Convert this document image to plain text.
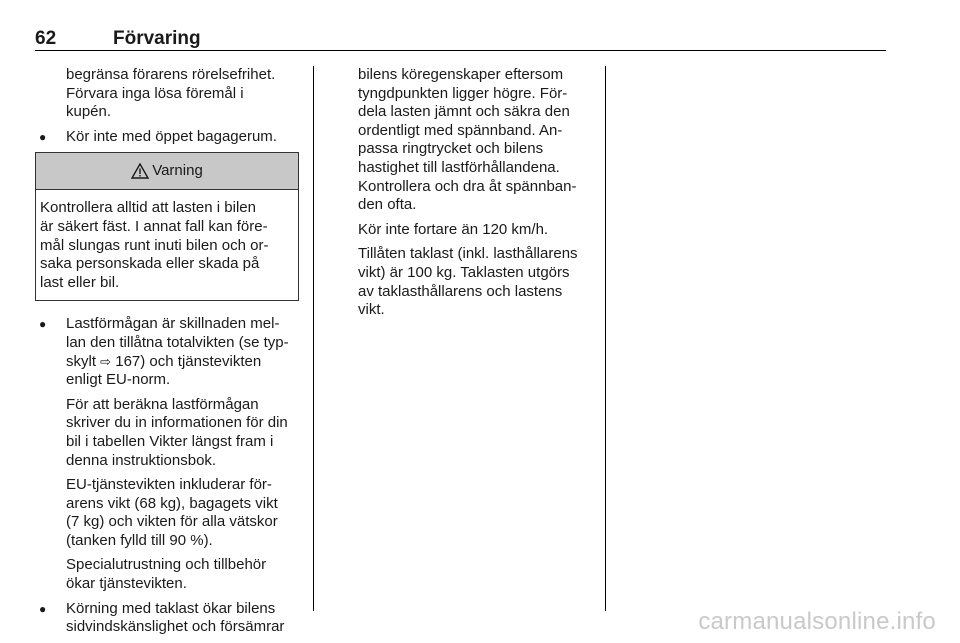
62	Förvaring
begränsa förarens rörelsefrihet.
Förvara inga lösa föremål i
kupén.
● Kör inte med öppet bagagerum.
Varning
Kontrollera alltid att lasten i bilen
är säkert fäst. I annat fall kan före-
mål slungas runt inuti bilen och or-
saka personskada eller skada på
last eller bil.
● Lastförmågan är skillnaden mel-
lan den tillåtna totalvikten (se typ-
skylt ⇨ 167) och tjänstevikten
enligt EU-norm.
För att beräkna lastförmågan
skriver du in informationen för din
bil i tabellen Vikter längst fram i
denna instruktionsbok.
EU-tjänstevikten inkluderar för-
arens vikt (68 kg), bagagets vikt
(7 kg) och vikten för alla vätskor
(tanken fylld till 90 %).
Specialutrustning och tillbehör
ökar tjänstevikten.
● Körning med taklast ökar bilens
sidvindskänslighet och försämrar
bilens köregenskaper eftersom
tyngdpunkten ligger högre. För-
dela lasten jämnt och säkra den
ordentligt med spännband. An-
passa ringtrycket och bilens
hastighet till lastförhållandena.
Kontrollera och dra åt spännban-
den ofta.
Kör inte fortare än 120 km/h.
Tillåten taklast (inkl. lasthållarens
vikt) är 100 kg. Taklasten utgörs
av taklasthållarens och lastens
vikt.
carmanualsonline.info
